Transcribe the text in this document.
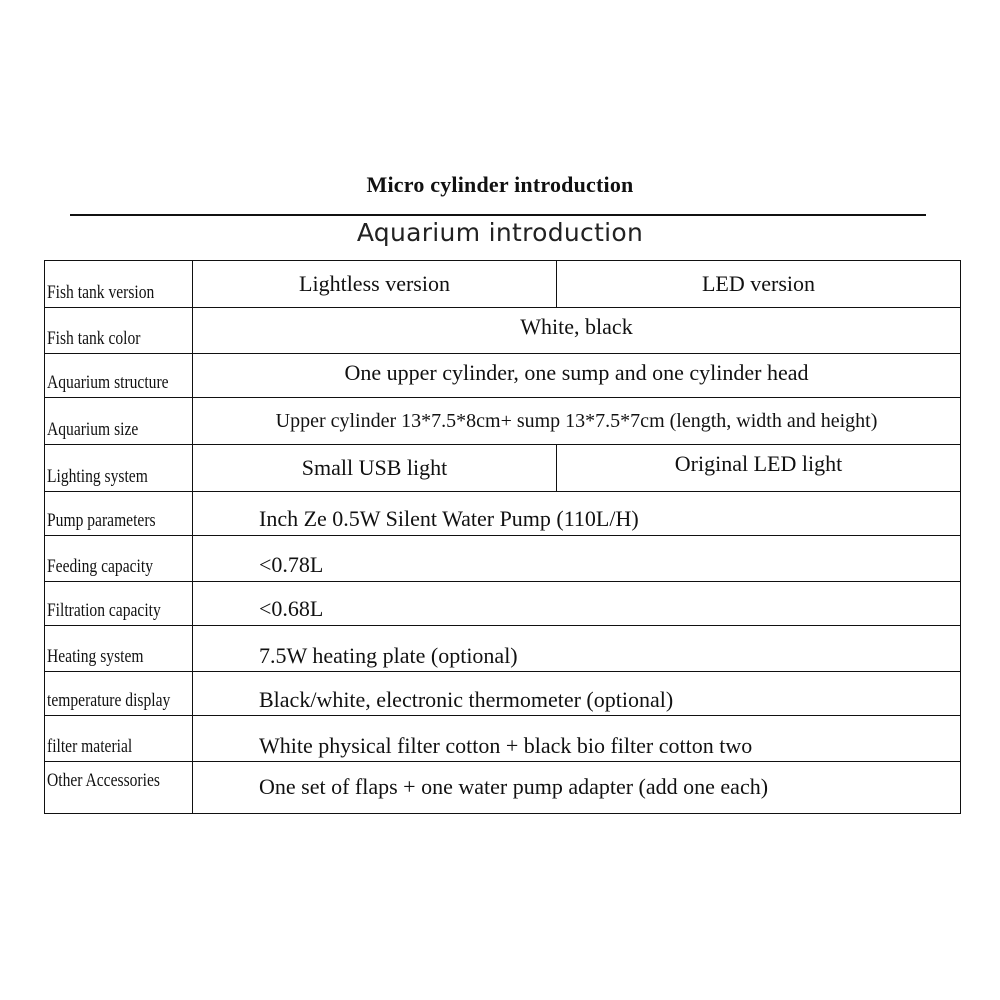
Micro cylinder introduction
Aquarium introduction
Fish tank version	Lightless version	LED version
Fish tank color	White, black
Aquarium structure	One upper cylinder, one sump and one cylinder head
Aquarium size	Upper cylinder 13*7.5*8cm+ sump 13*7.5*7cm (length, width and height)
Lighting system	Small USB light	Original LED light
Pump parameters	Inch Ze 0.5W Silent Water Pump (110L/H)
Feeding capacity	<0.78L
Filtration capacity	<0.68L
Heating system	7.5W heating plate (optional)
temperature display	Black/white, electronic thermometer (optional)
filter material	White physical filter cotton + black bio filter cotton two
Other Accessories	One set of flaps + one water pump adapter (add one each)
